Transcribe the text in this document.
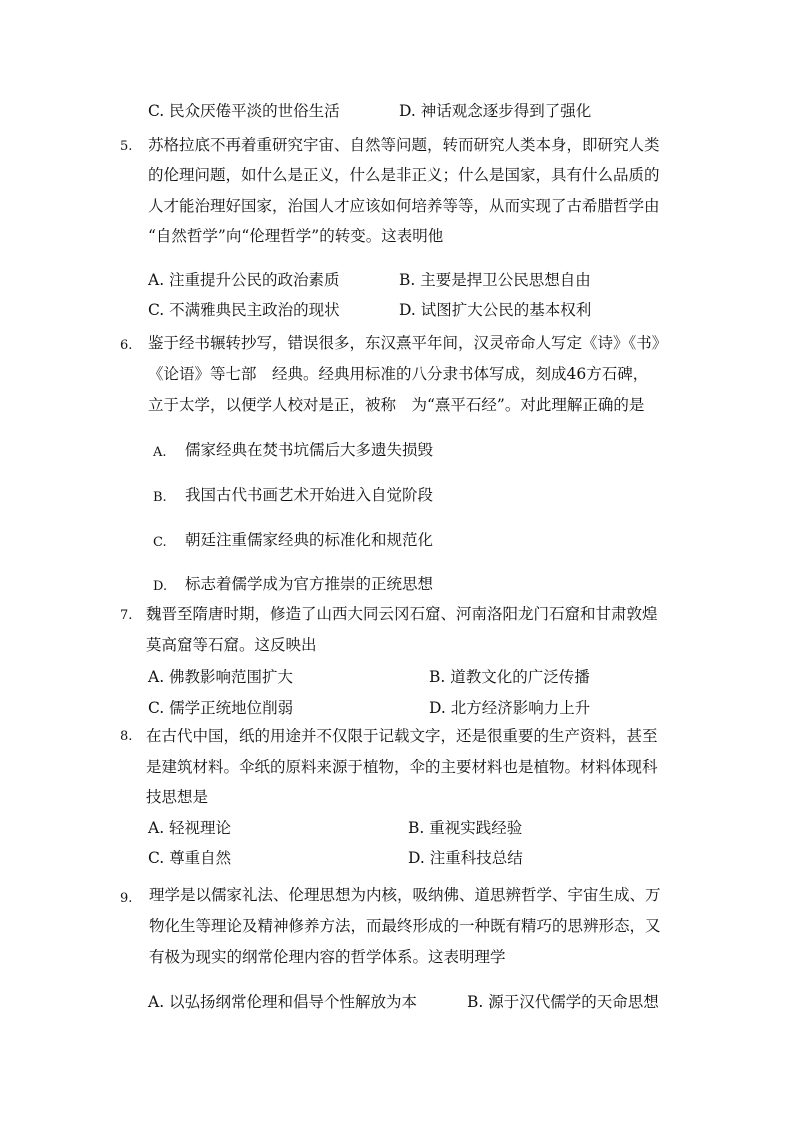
C. 民众厌倦平淡的世俗生活	D. 神话观念逐步得到了强化
5. 苏格拉底不再着重研究宇宙、自然等问题，转而研究人类本身，即研究人类
的伦理问题，如什么是正义，什么是非正义；什么是国家，具有什么品质的
人才能治理好国家，治国人才应该如何培养等等，从而实现了古希腊哲学由
“自然哲学”向“伦理哲学”的转变。这表明他
A. 注重提升公民的政治素质	B. 主要是捍卫公民思想自由
C. 不满雅典民主政治的现状	D. 试图扩大公民的基本权利
6. 鉴于经书辗转抄写，错误很多，东汉熹平年间，汉灵帝命人写定《诗》《书》
《论语》等七部　经典。经典用标准的八分隶书体写成，刻成46方石碑，
立于太学，以便学人校对是正，被称　为“熹平石经”。对此理解正确的是
A. 儒家经典在焚书坑儒后大多遗失损毁
B. 我国古代书画艺术开始进入自觉阶段
C. 朝廷注重儒家经典的标准化和规范化
D. 标志着儒学成为官方推崇的正统思想
7. 魏晋至隋唐时期，修造了山西大同云冈石窟、河南洛阳龙门石窟和甘肃敦煌
莫高窟等石窟。这反映出
A. 佛教影响范围扩大	B. 道教文化的广泛传播
C. 儒学正统地位削弱	D. 北方经济影响力上升
8. 在古代中国，纸的用途并不仅限于记载文字，还是很重要的生产资料，甚至
是建筑材料。伞纸的原料来源于植物，伞的主要材料也是植物。材料体现科
技思想是
A. 轻视理论	B. 重视实践经验
C. 尊重自然	D. 注重科技总结
9. 理学是以儒家礼法、伦理思想为内核，吸纳佛、道思辨哲学、宇宙生成、万
物化生等理论及精神修养方法，而最终形成的一种既有精巧的思辨形态，又
有极为现实的纲常伦理内容的哲学体系。这表明理学
A. 以弘扬纲常伦理和倡导个性解放为本	B. 源于汉代儒学的天命思想
